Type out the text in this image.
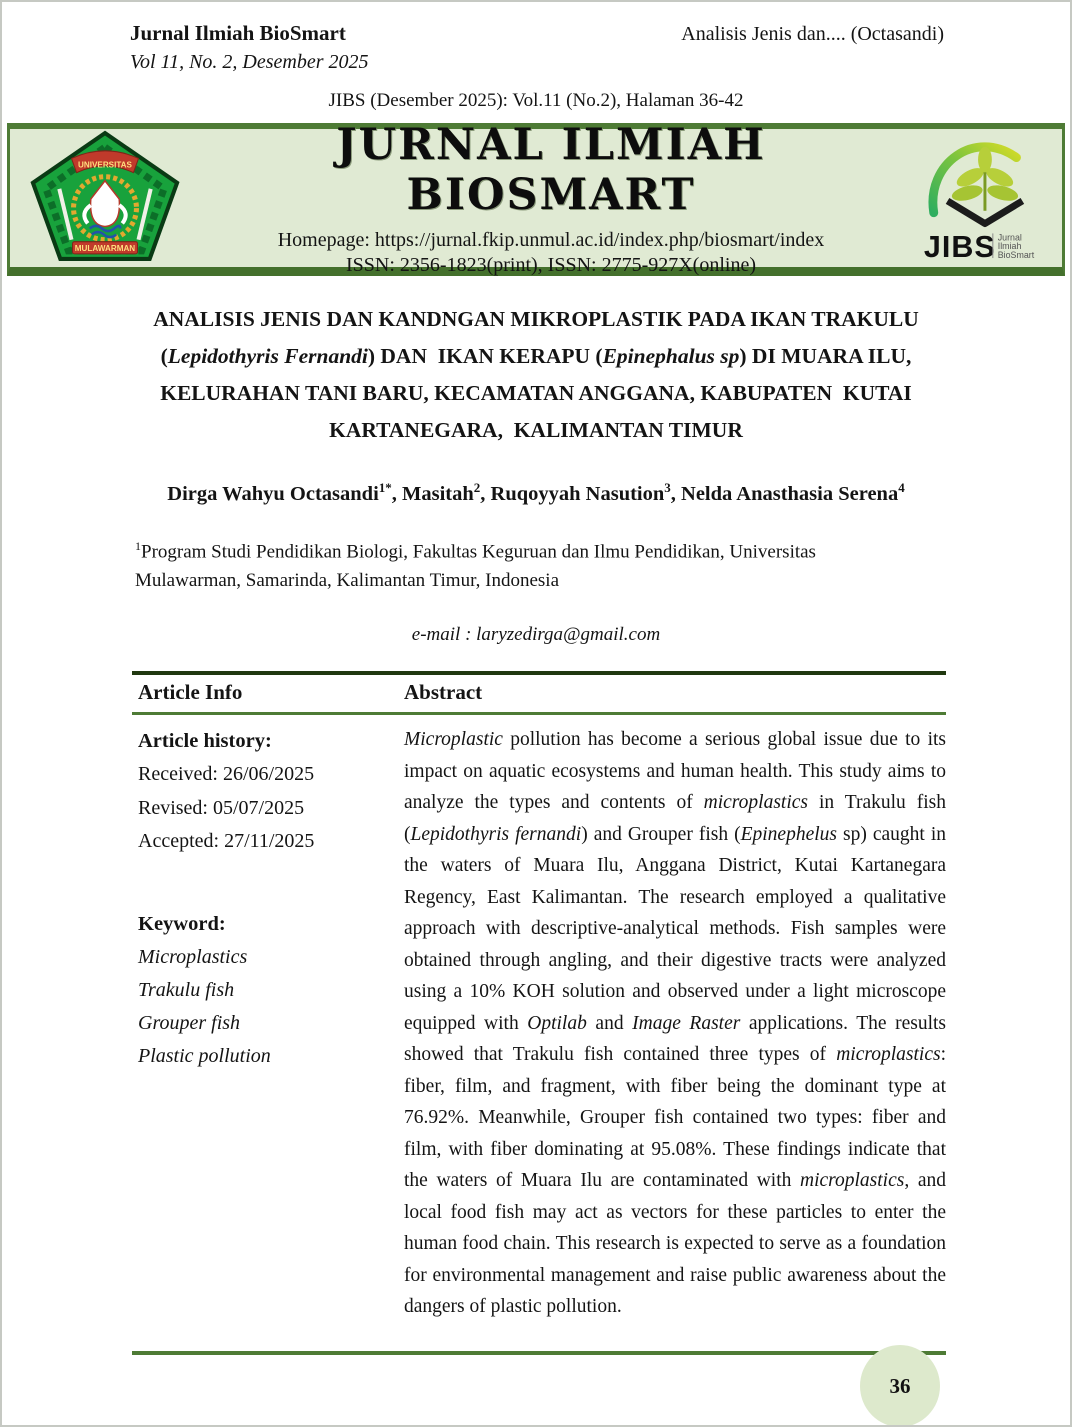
Jurnal Ilmiah BioSmart
Vol 11, No. 2, Desember 2025
Analisis Jenis dan.... (Octasandi)
JIBS (Desember 2025): Vol.11 (No.2), Halaman 36-42
UNIVERSITAS
MULAWARMAN
JURNAL ILMIAH BIOSMART
Homepage: https://jurnal.fkip.unmul.ac.id/index.php/biosmart/index
ISSN: 2356-1823(print), ISSN: 2775-927X(online)
JIBS Jurnal
Ilmiah
BioSmart
ANALISIS JENIS DAN KANDNGAN MIKROPLASTIK PADA IKAN TRAKULU (Lepidothyris Fernandi) DAN  IKAN KERAPU (Epinephalus sp) DI MUARA ILU,  KELURAHAN TANI BARU, KECAMATAN ANGGANA, KABUPATEN  KUTAI KARTANEGARA,  KALIMANTAN TIMUR
Dirga Wahyu Octasandi$^{1*}$, Masitah$^2$, Ruqoyyah Nasution$^3$, Nelda Anasthasia Serena$^4$
$^1$Program Studi Pendidikan Biologi, Fakultas Keguruan dan Ilmu Pendidikan, Universitas Mulawarman, Samarinda, Kalimantan Timur, Indonesia
e-mail : laryzedirga@gmail.com
Article Info	Abstract
Article history:
Received: 26/06/2025
Revised: 05/07/2025
Accepted: 27/11/2025
Keyword:
Microplastics
Trakulu fish
Grouper fish
Plastic pollution
Microplastic pollution has become a serious global issue due to its impact on aquatic ecosystems and human health. This study aims to analyze the types and contents of microplastics in Trakulu fish (Lepidothyris fernandi) and Grouper fish (Epinephelus sp) caught in the waters of Muara Ilu, Anggana District, Kutai Kartanegara Regency, East Kalimantan. The research employed a qualitative approach with descriptive-analytical methods. Fish samples were obtained through angling, and their digestive tracts were analyzed using a 10% KOH solution and observed under a light microscope equipped with Optilab and Image Raster applications. The results showed that Trakulu fish contained three types of microplastics: fiber, film, and fragment, with fiber being the dominant type at 76.92%. Meanwhile, Grouper fish contained two types: fiber and film, with fiber dominating at 95.08%. These findings indicate that the waters of Muara Ilu are contaminated with microplastics, and local food fish may act as vectors for these particles to enter the human food chain. This research is expected to serve as a foundation for environmental management and raise public awareness about the dangers of plastic pollution.
36
